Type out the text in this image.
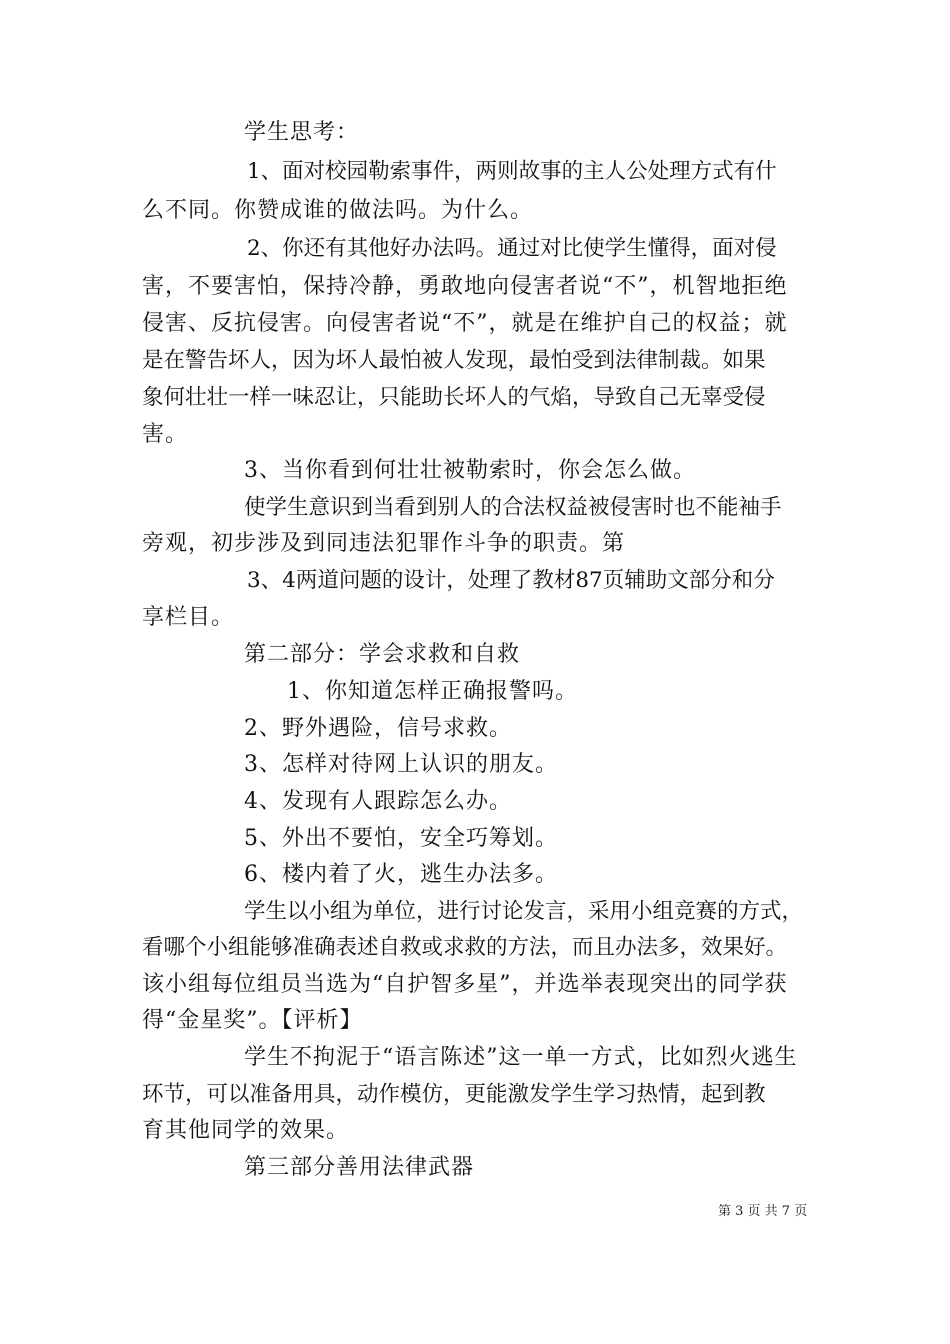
学生思考：
1、面对校园勒索事件，两则故事的主人公处理方式有什
么不同。你赞成谁的做法吗。为什么。
2、你还有其他好办法吗。通过对比使学生懂得，面对侵
害，不要害怕，保持冷静，勇敢地向侵害者说“不”，机智地拒绝
侵害、反抗侵害。向侵害者说“不”，就是在维护自己的权益；就
是在警告坏人，因为坏人最怕被人发现，最怕受到法律制裁。如果
象何壮壮一样一味忍让，只能助长坏人的气焰，导致自己无辜受侵
害。
3、当你看到何壮壮被勒索时，你会怎么做。
使学生意识到当看到别人的合法权益被侵害时也不能袖手
旁观，初步涉及到同违法犯罪作斗争的职责。第
3、4两道问题的设计，处理了教材87页辅助文部分和分
享栏目。
第二部分：学会求救和自救
1、你知道怎样正确报警吗。
2、野外遇险，信号求救。
3、怎样对待网上认识的朋友。
4、发现有人跟踪怎么办。
5、外出不要怕，安全巧筹划。
6、楼内着了火，逃生办法多。
学生以小组为单位，进行讨论发言，采用小组竞赛的方式，
看哪个小组能够准确表述自救或求救的方法，而且办法多，效果好。
该小组每位组员当选为“自护智多星”，并选举表现突出的同学获
得“金星奖”。【评析】
学生不拘泥于“语言陈述”这一单一方式，比如烈火逃生
环节，可以准备用具，动作模仿，更能激发学生学习热情，起到教
育其他同学的效果。
第三部分善用法律武器
第 3 页 共 7 页
